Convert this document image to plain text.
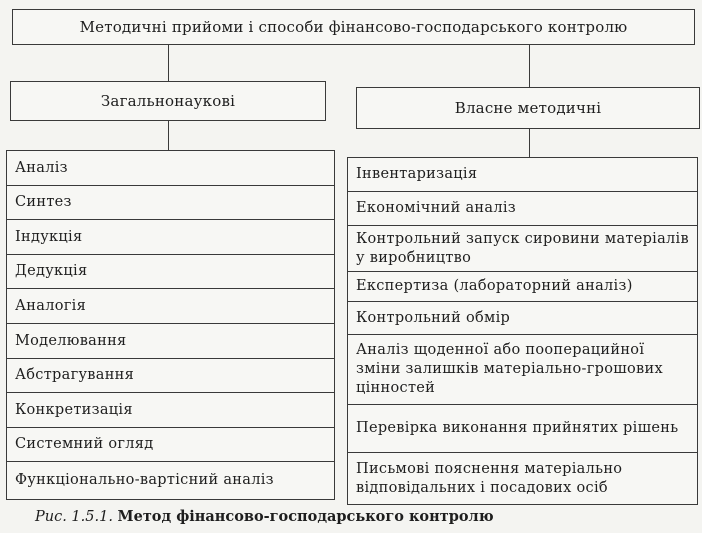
Методичні прийоми і способи фінансово-господарського контролю
Загальнонаукові	Власне методичні
Аналіз
Синтез
Індукція
Дедукція
Аналогія
Моделювання
Абстрагування
Конкретизація
Системний огляд
Функціонально-вартісний аналіз
Інвентаризація
Економічний аналіз
Контрольний запуск сировини матеріалів у виробництво
Експертиза (лабораторний аналіз)
Контрольний обмір
Аналіз щоденної або пооперацийної зміни залишків матеріально-грошових цінностей
Перевірка виконання прийнятих рішень
Письмові пояснення матеріально відповідальних і посадових осіб
Рис. 1.5.1. Метод фінансово-господарського контролю
